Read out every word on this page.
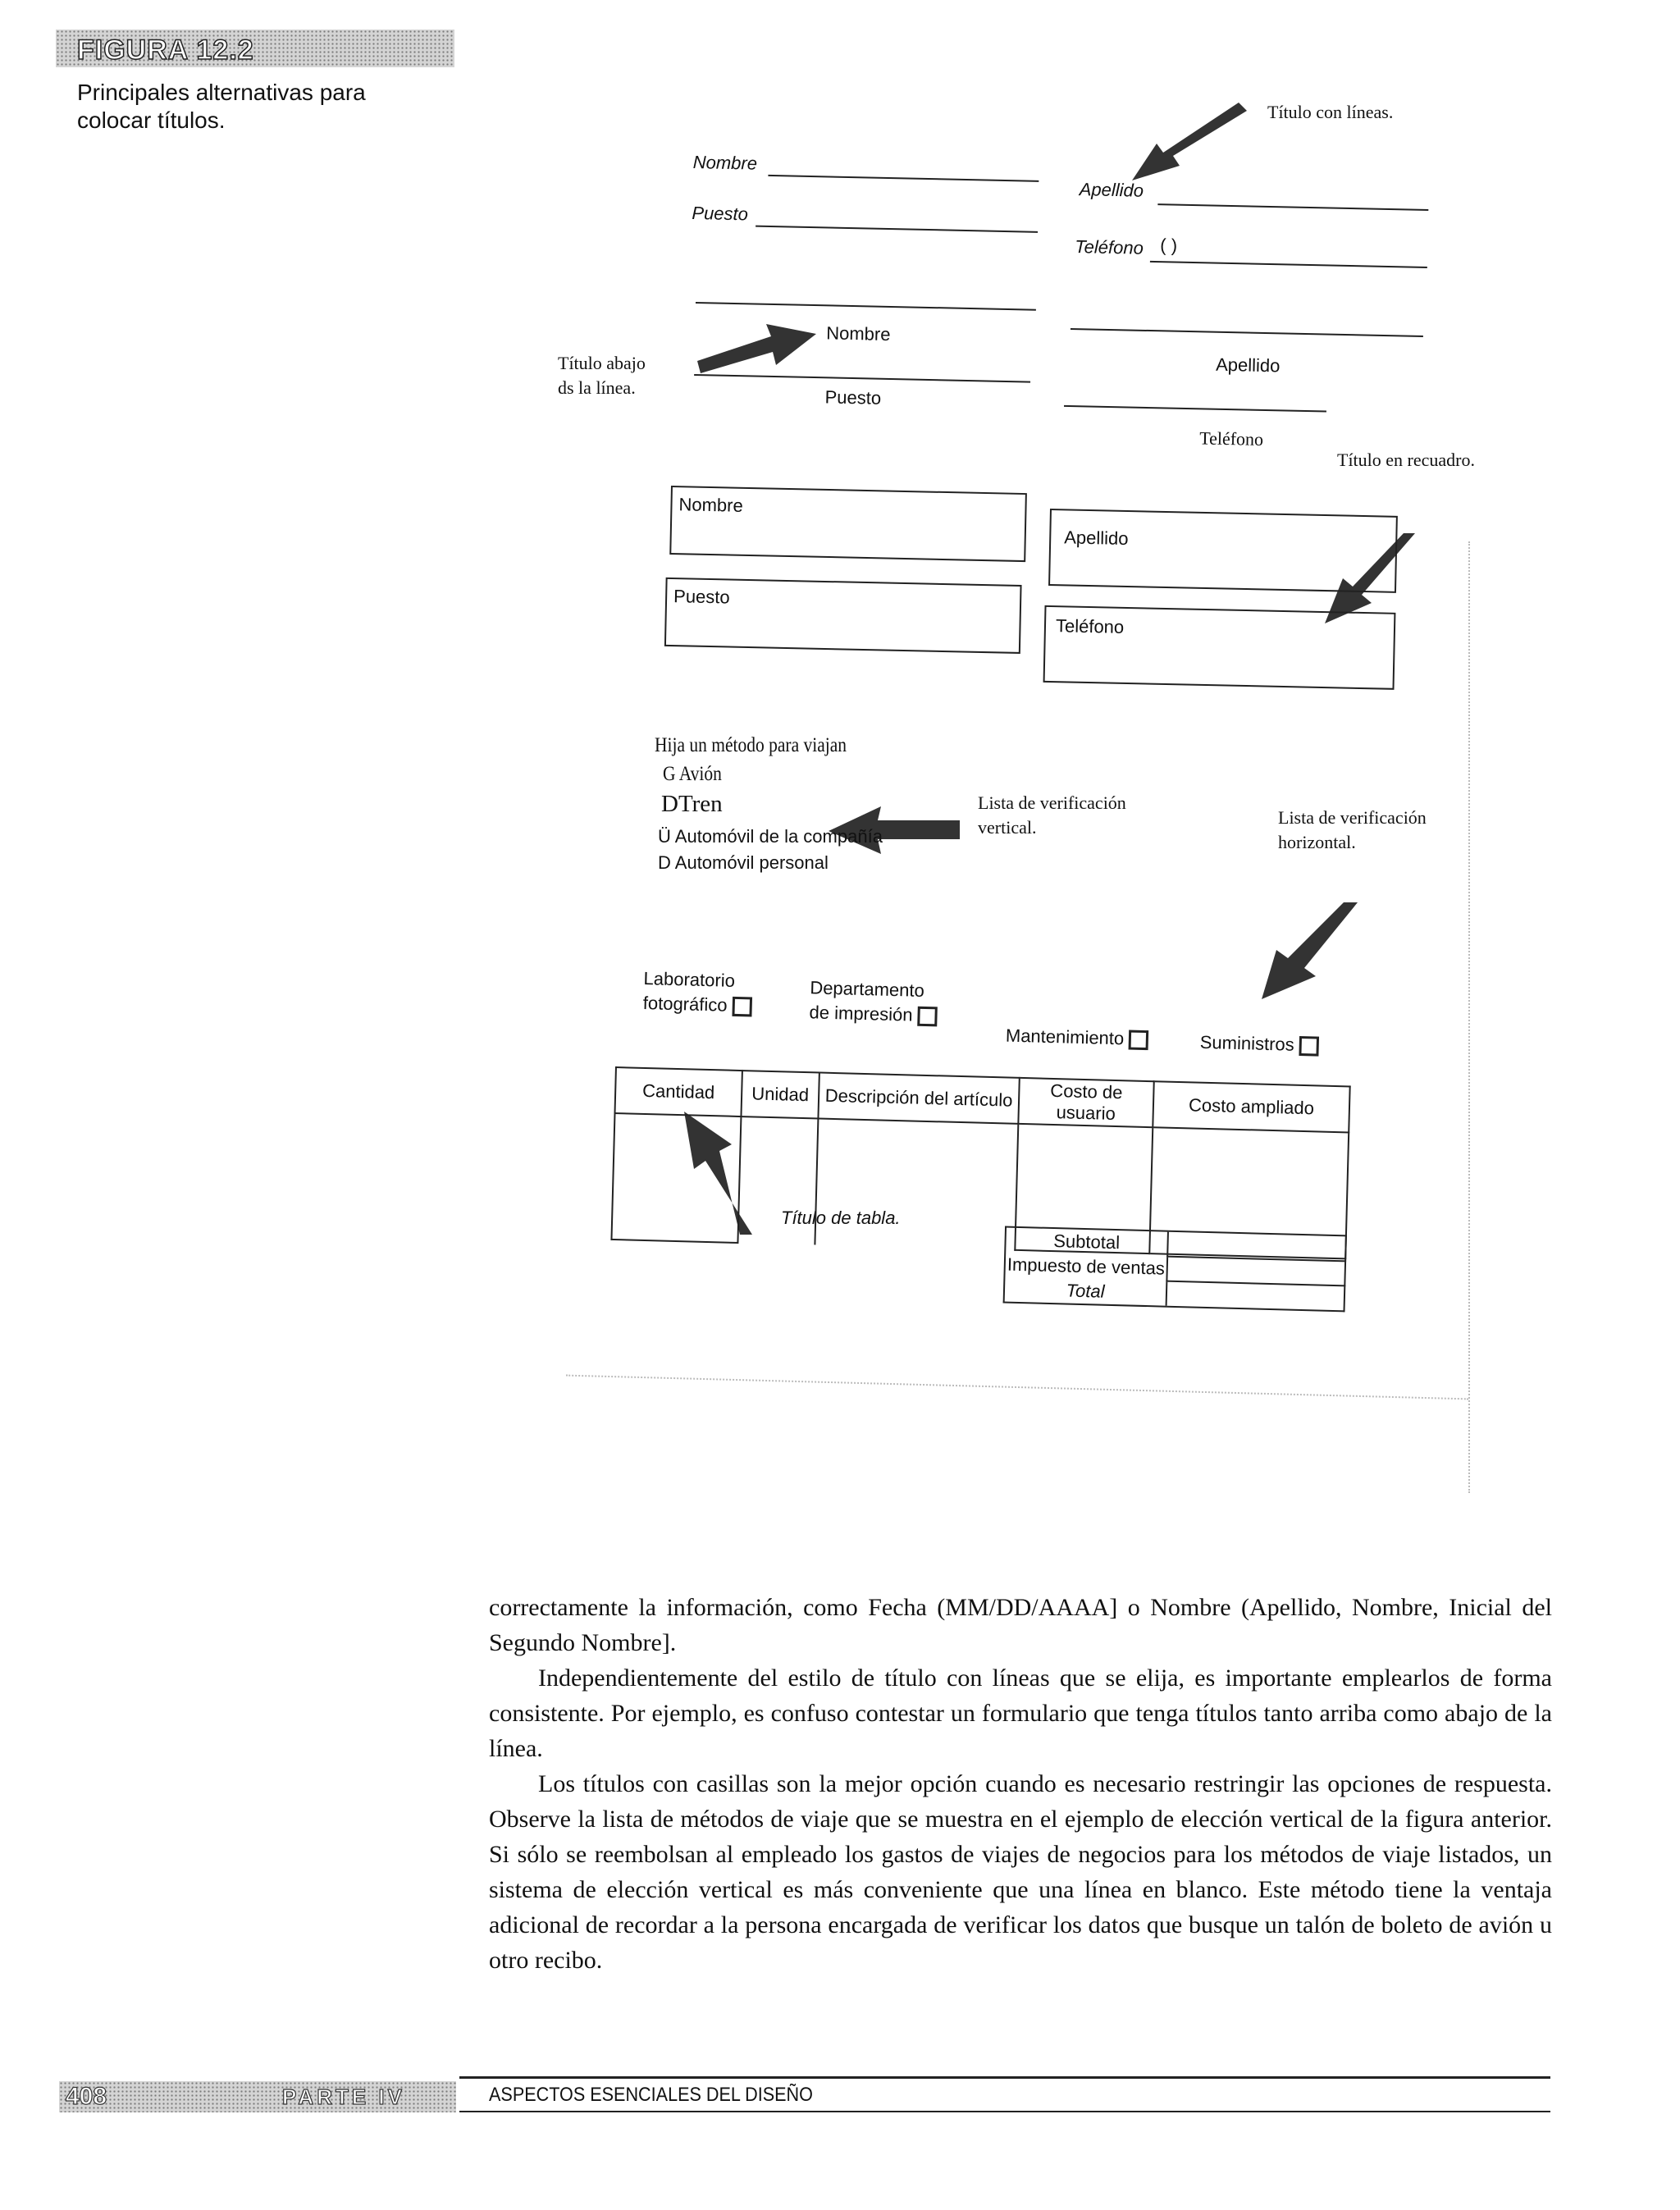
FIGURA 12.2
Principales alternativas para
colocar títulos.	Título con líneas.
Título abajo
ds la línea.
Título en recuadro.
Lista de verificación
vertical.	Lista de verificación
horizontal.
Título de tabla.
Nombre
Puesto
Apellido
Teléfono ( )
Nombre
Puesto
Apellido
Teléfono
Nombre
Puesto
Apellido
Teléfono
Hija un método para viajan
G Avión
DTren
Ü Automóvil de la compañía
D Automóvil personal
Laboratorio
fotográfico
Departamento
de impresión
Mantenimiento	Suministros
Cantidad	Unidad	Descripción del artículo	Costo de usuario	Costo ampliado

Subtotal	
Impuesto de ventas	
Total	

correctamente la información, como Fecha (MM/DD/AAAA] o Nombre (Apellido, Nombre, Inicial del Segundo Nombre].

Independientemente del estilo de título con líneas que se elija, es importante emplearlos de forma consistente. Por ejemplo, es confuso contestar un formulario que tenga títulos tanto arriba como abajo de la línea.

Los títulos con casillas son la mejor opción cuando es necesario restringir las opciones de respuesta. Observe la lista de métodos de viaje que se muestra en el ejemplo de elección vertical de la figura anterior. Si sólo se reembolsan al empleado los gastos de viajes de negocios para los métodos de viaje listados, un sistema de elección vertical es más conveniente que una línea en blanco. Este método tiene la ventaja adicional de recordar a la persona encargada de verificar los datos que busque un talón de boleto de avión u otro recibo.

408	PARTE IV	ASPECTOS ESENCIALES DEL DISEÑO
